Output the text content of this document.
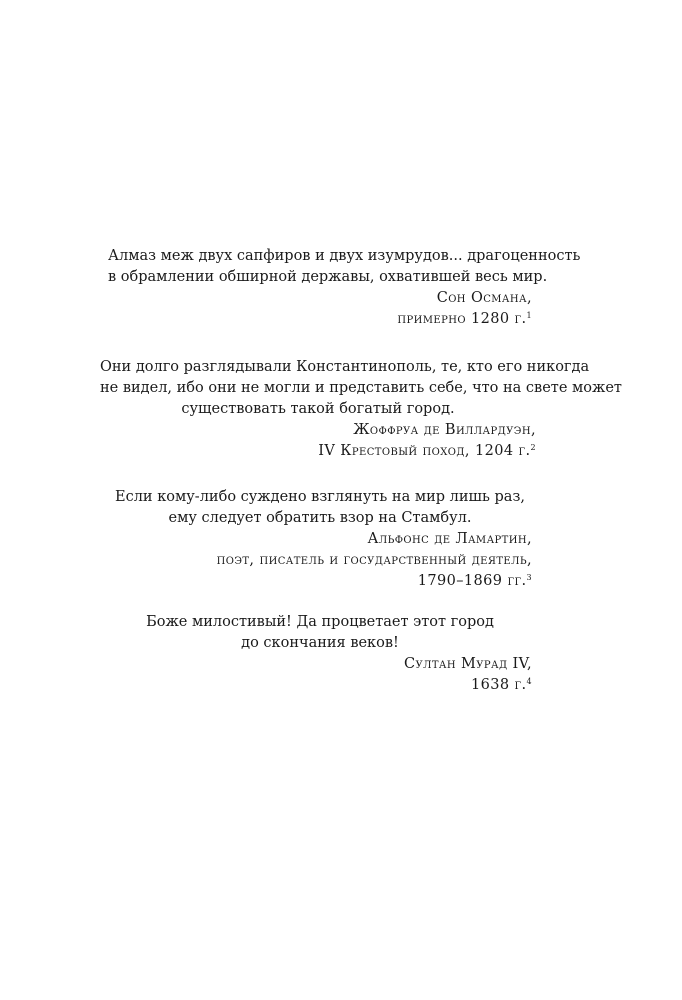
Алмаз меж двух сапфиров и двух изумрудов... драгоценность
в обрамлении обширной державы, охватившей весь мир.
Сон Османа,
примерно 1280 г.$^1$
Они долго разглядывали Константинополь, те, кто его никогда
не видел, ибо они не могли и представить себе, что на свете может
существовать такой богатый город.
Жоффруа де Виллардуэн,
IV Крестовый поход, 1204 г.$^2$
Если кому-либо суждено взглянуть на мир лишь раз,
ему следует обратить взор на Стамбул.
Альфонс де Ламартин,
поэт, писатель и государственный деятель,
1790–1869 гг.$^3$
Боже милостивый! Да процветает этот город
до скончания веков!
Султан Мурад IV,
1638 г.$^4$
